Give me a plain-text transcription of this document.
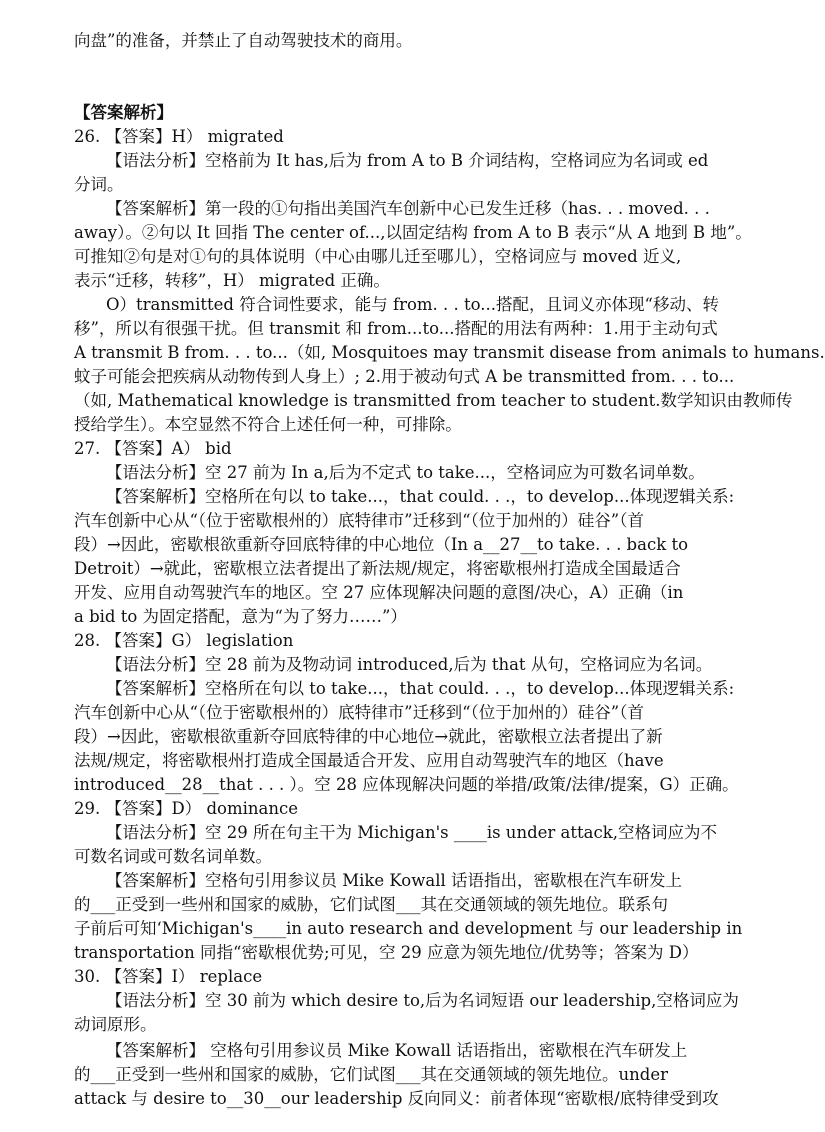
向盘”的准备，并禁止了自动驾驶技术的商用。
【答案解析】
26. 【答案】H） migrated
【语法分析】空格前为 It has,后为 from A to B 介词结构，空格词应为名词或 ed
分词。
【答案解析】第一段的①句指出美国汽车创新中心已发生迁移（has. . . moved. . .
away）。②句以 It 回指 The center of...,以固定结构 from A to B 表示“从 A 地到 B 地”。
可推知②句是对①句的具体说明（中心由哪儿迁至哪儿），空格词应与 moved 近义,
表示“迁移，转移”，H） migrated 正确。
O）transmitted 符合词性要求，能与 from. . . to...搭配，且词义亦体现“移动、转
移”，所以有很强干扰。但 transmit 和 from...to...搭配的用法有两种：1.用于主动句式
A transmit B from. . . to...（如, Mosquitoes may transmit disease from animals to humans.
蚊子可能会把疾病从动物传到人身上）; 2.用于被动句式 A be transmitted from. . . to...
（如, Mathematical knowledge is transmitted from teacher to student.数学知识由教师传
授给学生）。本空显然不符合上述任何一种，可排除。
27. 【答案】A） bid
【语法分析】空 27 前为 In a,后为不定式 to take...，空格词应为可数名词单数。
【答案解析】空格所在句以 to take...，that could. . .，to develop...体现逻辑关系:
汽车创新中心从“（位于密歇根州的）底特律市”迁移到“（位于加州的）硅谷”（首
段）→因此，密歇根欲重新夺回底特律的中心地位（In a__27__to take. . . back to
Detroit）→就此，密歇根立法者提出了新法规/规定，将密歇根州打造成全国最适合
开发、应用自动驾驶汽车的地区。空 27 应体现解决问题的意图/决心，A）正确（in
a bid to 为固定搭配，意为“为了努力……”）
28. 【答案】G） legislation
【语法分析】空 28 前为及物动词 introduced,后为 that 从句，空格词应为名词。
【答案解析】空格所在句以 to take...，that could. . .，to develop...体现逻辑关系:
汽车创新中心从“（位于密歇根州的）底特律市”迁移到“（位于加州的）硅谷”（首
段）→因此，密歇根欲重新夺回底特律的中心地位→就此，密歇根立法者提出了新
法规/规定，将密歇根州打造成全国最适合开发、应用自动驾驶汽车的地区（have
introduced__28__that . . . ）。空 28 应体现解决问题的举措/政策/法律/提案，G）正确。
29. 【答案】D） dominance
【语法分析】空 29 所在句主干为 Michigan's ____is under attack,空格词应为不
可数名词或可数名词单数。
【答案解析】空格句引用参议员 Mike Kowall 话语指出，密歇根在汽车研发上
的___正受到一些州和国家的威胁，它们试图___其在交通领域的领先地位。联系句
子前后可知‘Michigan's____in auto research and development 与 our leadership in
transportation 同指“密歇根优势;可见，空 29 应意为领先地位/优势等；答案为 D）
30. 【答案】I） replace
【语法分析】空 30 前为 which desire to,后为名词短语 our leadership,空格词应为
动词原形。
【答案解析】 空格句引用参议员 Mike Kowall 话语指出，密歇根在汽车研发上
的___正受到一些州和国家的威胁，它们试图___其在交通领域的领先地位。under
attack 与 desire to__30__our leadership 反向同义：前者体现“密歇根/底特律受到攻
